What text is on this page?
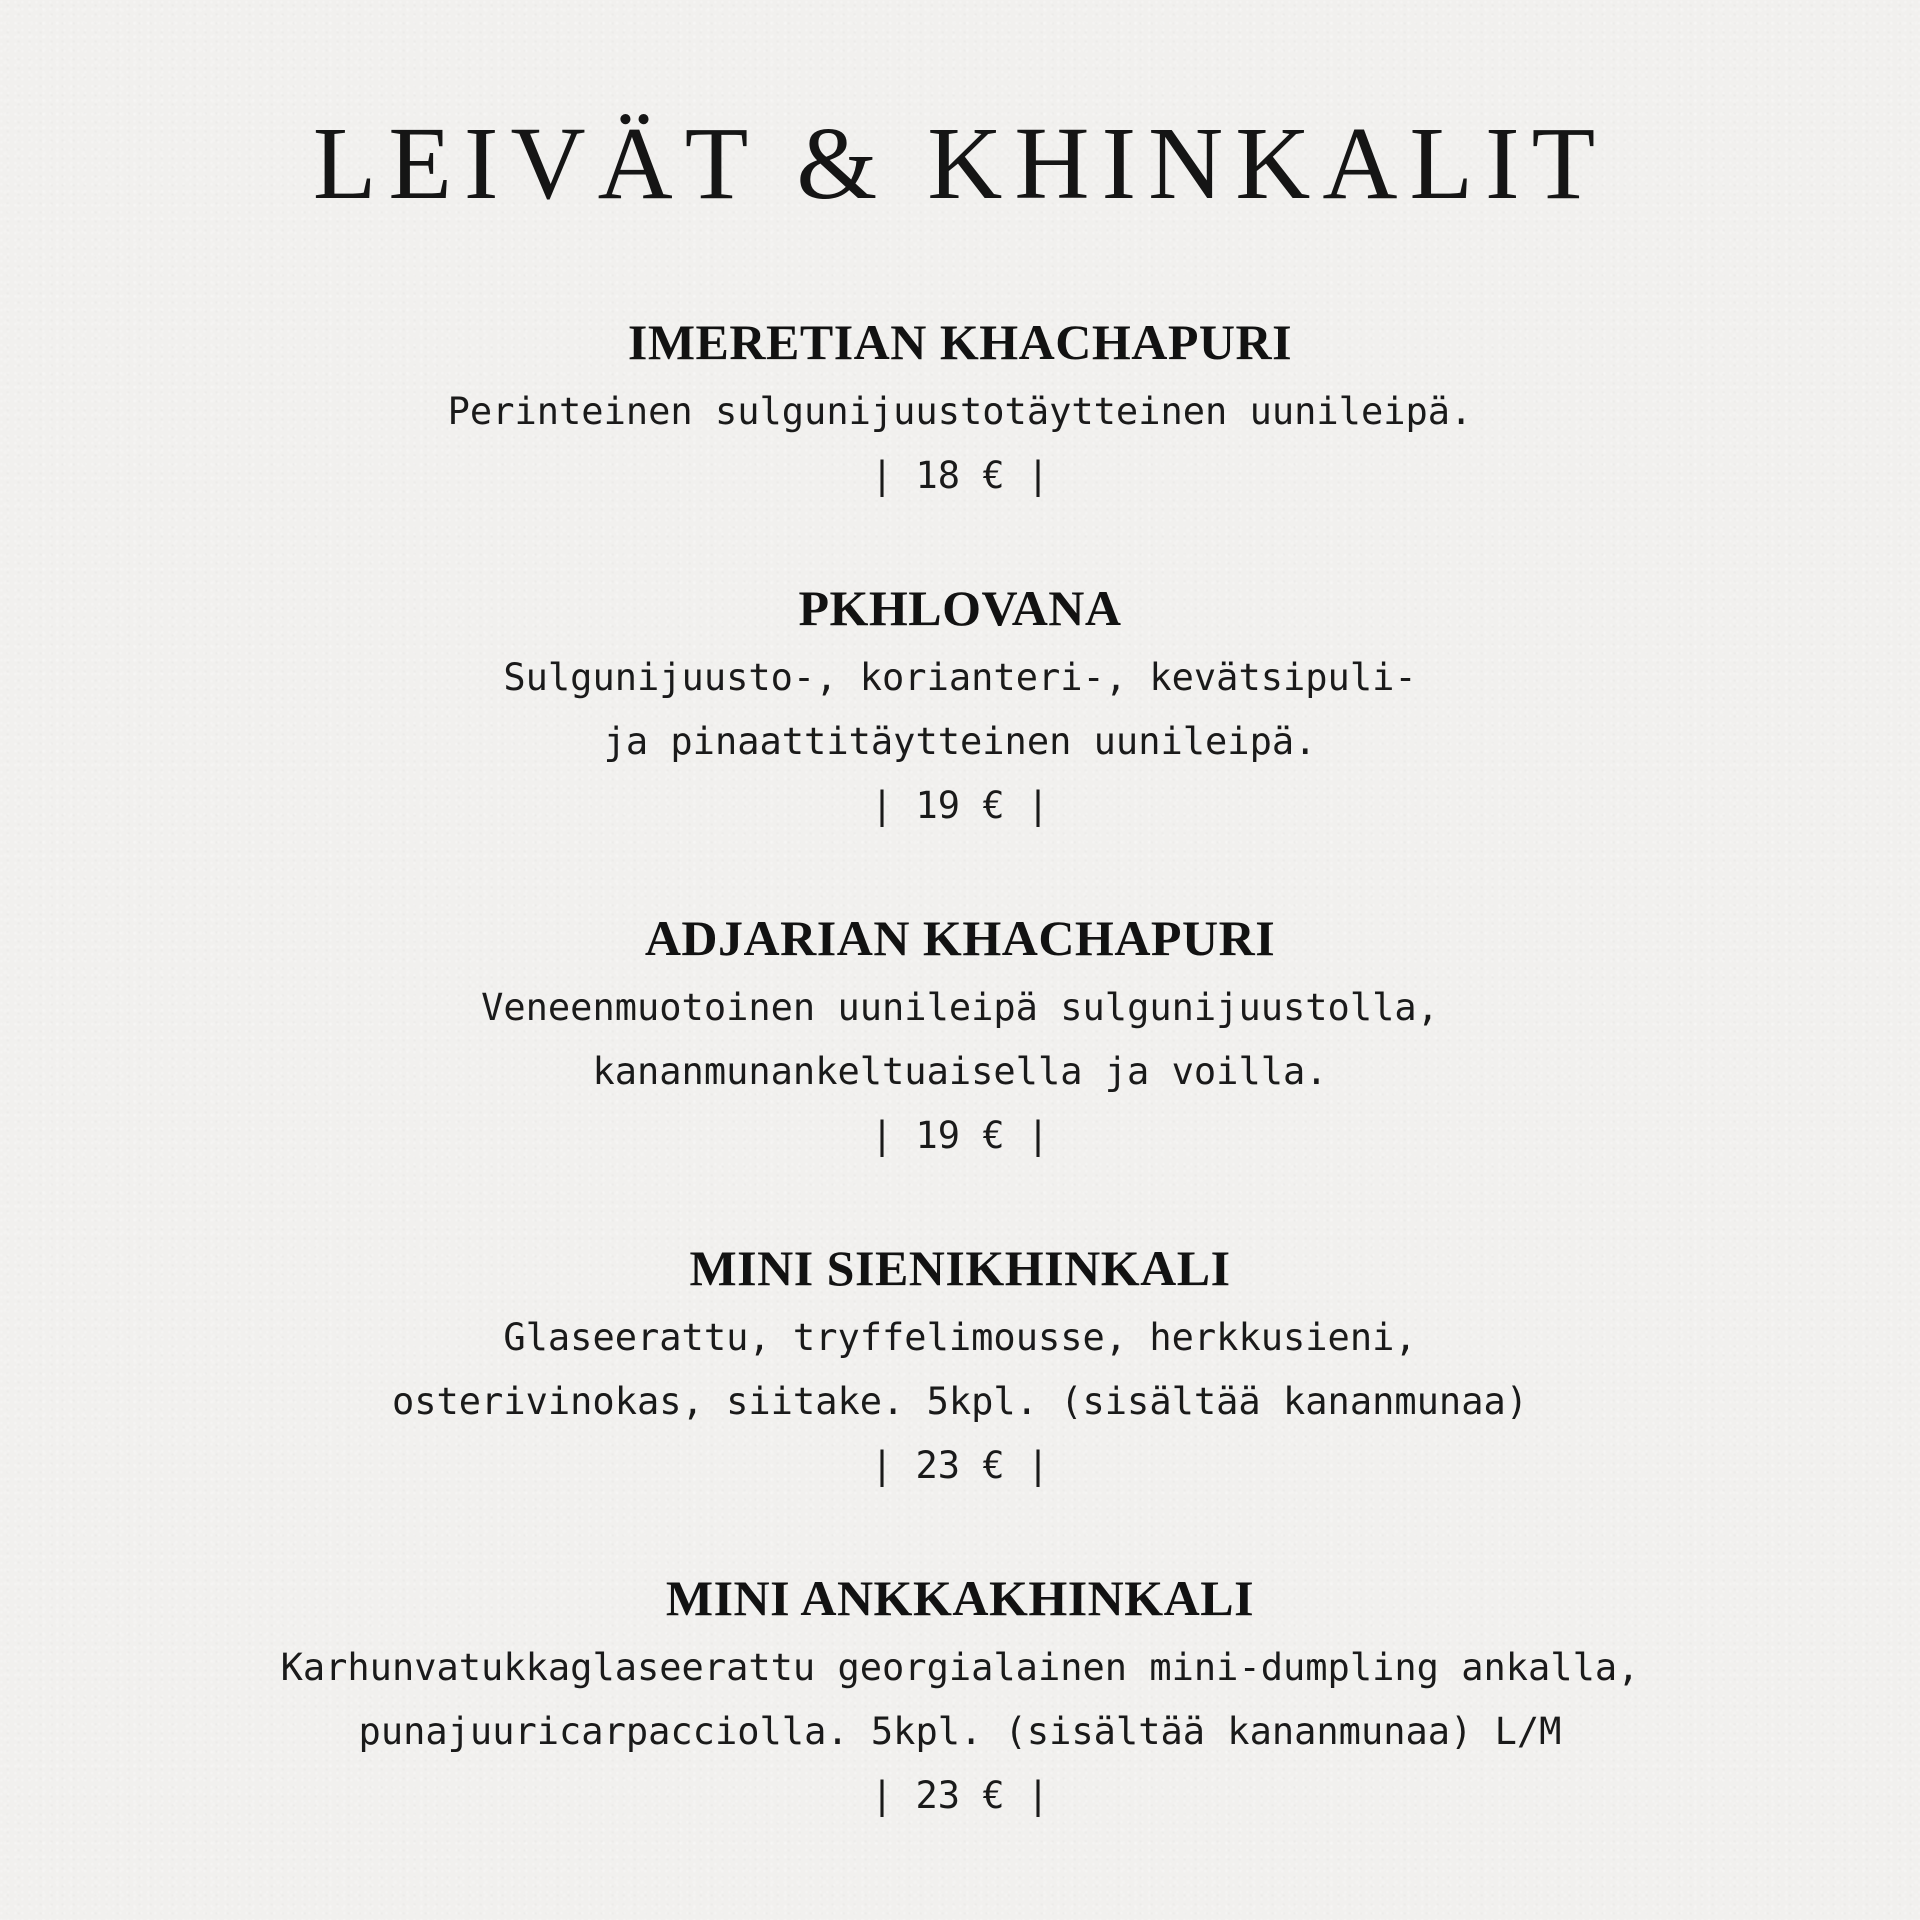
LEIVÄT & KHINKALIT
IMERETIAN KHACHAPURI

Perinteinen sulgunijuustotäytteinen uunileipä.

| 18 € |

PKHLOVANA

Sulgunijuusto-, korianteri-, kevätsipuli-
ja pinaattitäytteinen uunileipä.

| 19 € |

ADJARIAN KHACHAPURI

Veneenmuotoinen uunileipä sulgunijuustolla,
kananmunankeltuaisella ja voilla.

| 19 € |

MINI SIENIKHINKALI

Glaseerattu, tryffelimousse, herkkusieni,
osterivinokas, siitake. 5kpl. (sisältää kananmunaa)

| 23 € |

MINI ANKKAKHINKALI

Karhunvatukkaglaseerattu georgialainen mini-dumpling ankalla,
punajuuricarpacciolla. 5kpl. (sisältää kananmunaa) L/M

| 23 € |
